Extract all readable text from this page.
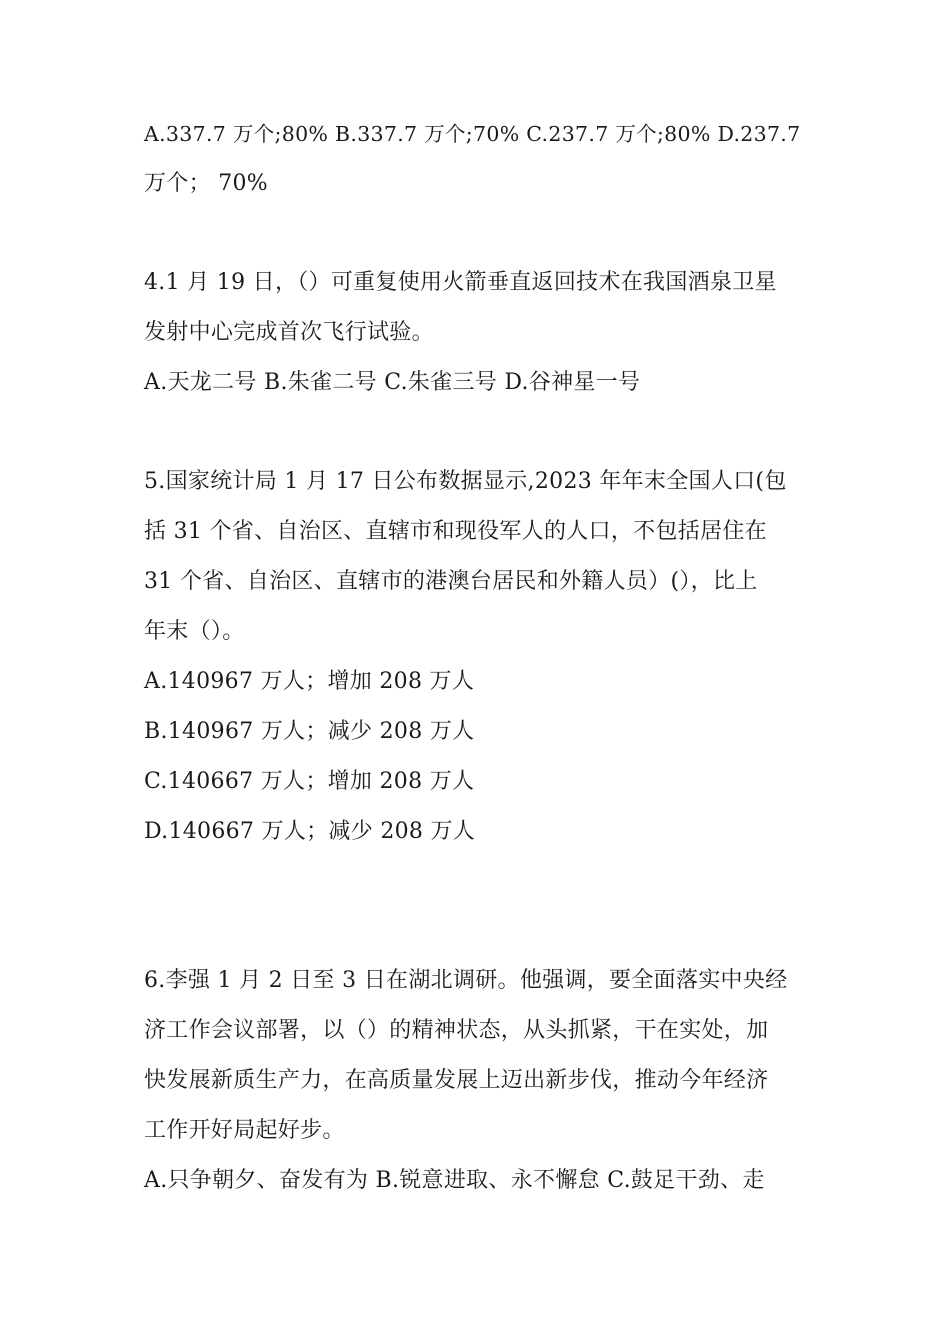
A.337.7 万个;80% B.337.7 万个;70% C.237.7 万个;80% D.237.7
万个； 70%
4.1 月 19 日，（）可重复使用火箭垂直返回技术在我国酒泉卫星
发射中心完成首次飞行试验。
A.天龙二号 B.朱雀二号 C.朱雀三号 D.谷神星一号
5.国家统计局 1 月 17 日公布数据显示,2023 年年末全国人口(包
括 31 个省、自治区、直辖市和现役军人的人口，不包括居住在
31 个省、自治区、直辖市的港澳台居民和外籍人员）(），比上
年末（）。
A.140967 万人；增加 208 万人
B.140967 万人；减少 208 万人
C.140667 万人；增加 208 万人
D.140667 万人；减少 208 万人
6.李强 1 月 2 日至 3 日在湖北调研。他强调，要全面落实中央经
济工作会议部署，以（）的精神状态，从头抓紧，干在实处，加
快发展新质生产力，在高质量发展上迈出新步伐，推动今年经济
工作开好局起好步。
A.只争朝夕、奋发有为 B.锐意进取、永不懈怠 C.鼓足干劲、走
